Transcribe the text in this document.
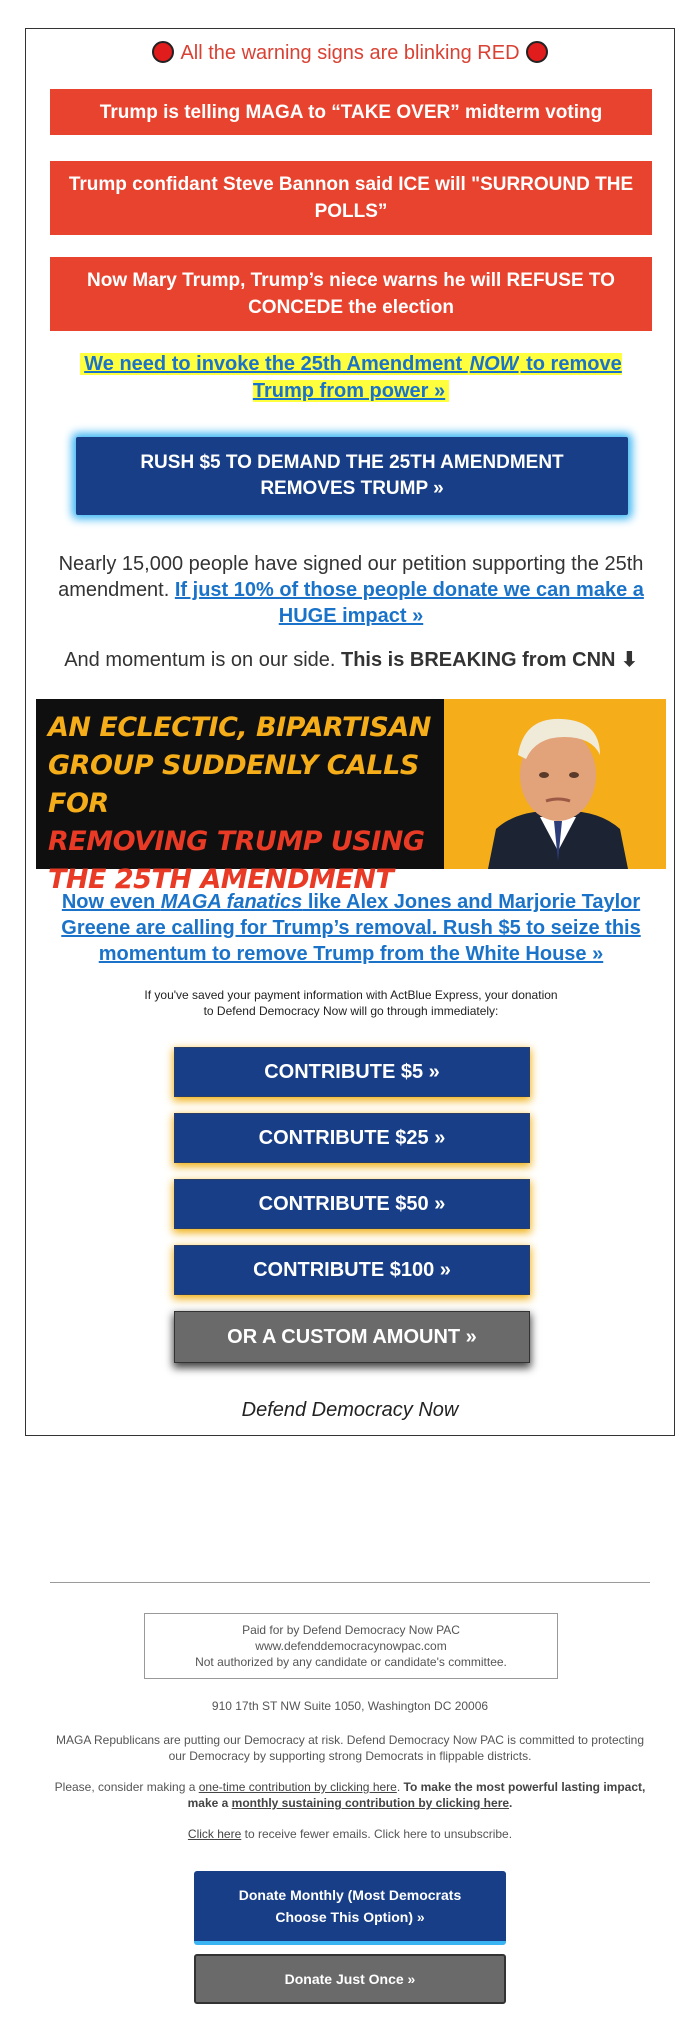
All the warning signs are blinking RED
Trump is telling MAGA to “TAKE OVER” midterm voting
Trump confidant Steve Bannon said ICE will "SURROUND THE POLLS”
Now Mary Trump, Trump’s niece warns he will REFUSE TO CONCEDE the election
We need to invoke the 25th Amendment NOW to remove Trump from power »
RUSH $5 TO DEMAND THE 25TH AMENDMENT REMOVES TRUMP »
Nearly 15,000 people have signed our petition supporting the 25th amendment. If just 10% of those people donate we can make a HUGE impact »
And momentum is on our side. This is BREAKING from CNN ⬇
AN ECLECTIC, BIPARTISAN
GROUP SUDDENLY CALLS FOR
REMOVING TRUMP USING
THE 25TH AMENDMENT
Now even MAGA fanatics like Alex Jones and Marjorie Taylor Greene are calling for Trump’s removal. Rush $5 to seize this momentum to remove Trump from the White House »
If you've saved your payment information with ActBlue Express, your donation
to Defend Democracy Now will go through immediately:
CONTRIBUTE $5 »
CONTRIBUTE $25 »
CONTRIBUTE $50 »
CONTRIBUTE $100 »
OR A CUSTOM AMOUNT »
Defend Democracy Now
Paid for by Defend Democracy Now PAC
www.defenddemocracynowpac.com
Not authorized by any candidate or candidate's committee.
910 17th ST NW Suite 1050, Washington DC 20006
MAGA Republicans are putting our Democracy at risk. Defend Democracy Now PAC is committed to protecting our Democracy by supporting strong Democrats in flippable districts.
Please, consider making a one-time contribution by clicking here. To make the most powerful lasting impact, make a monthly sustaining contribution by clicking here.
Click here to receive fewer emails. Click here to unsubscribe.
Donate Monthly (Most Democrats Choose This Option) »
Donate Just Once »
